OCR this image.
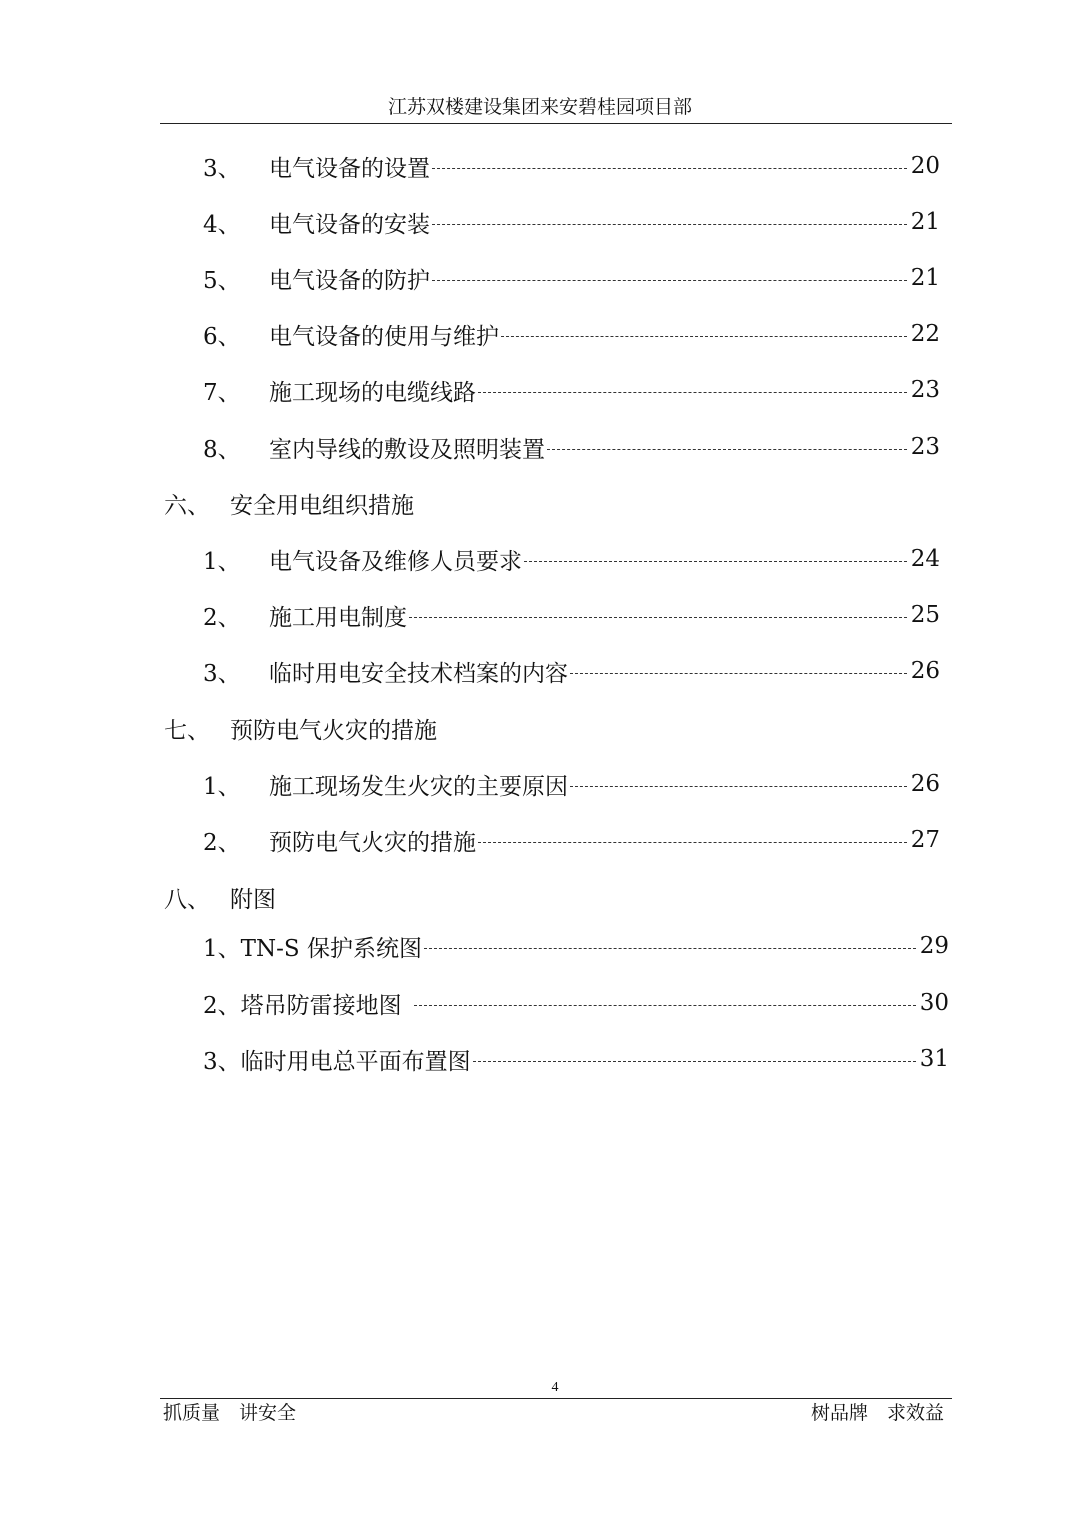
江苏双楼建设集团来安碧桂园项目部
3、	电气设备的设置	20
4、	电气设备的安装	21
5、	电气设备的防护	21
6、	电气设备的使用与维护	22
7、	施工现场的电缆线路	23
8、	室内导线的敷设及照明装置	23
六、 安全用电组织措施
1、	电气设备及维修人员要求	24
2、	施工用电制度	25
3、	临时用电安全技术档案的内容	26
七、 预防电气火灾的措施
1、	施工现场发生火灾的主要原因	26
2、	预防电气火灾的措施	27
八、 附图
1、 TN-S 保护系统图	29
2、 塔吊防雷接地图	30
3、 临时用电总平面布置图	31
4
抓质量　讲安全	树品牌　求效益
